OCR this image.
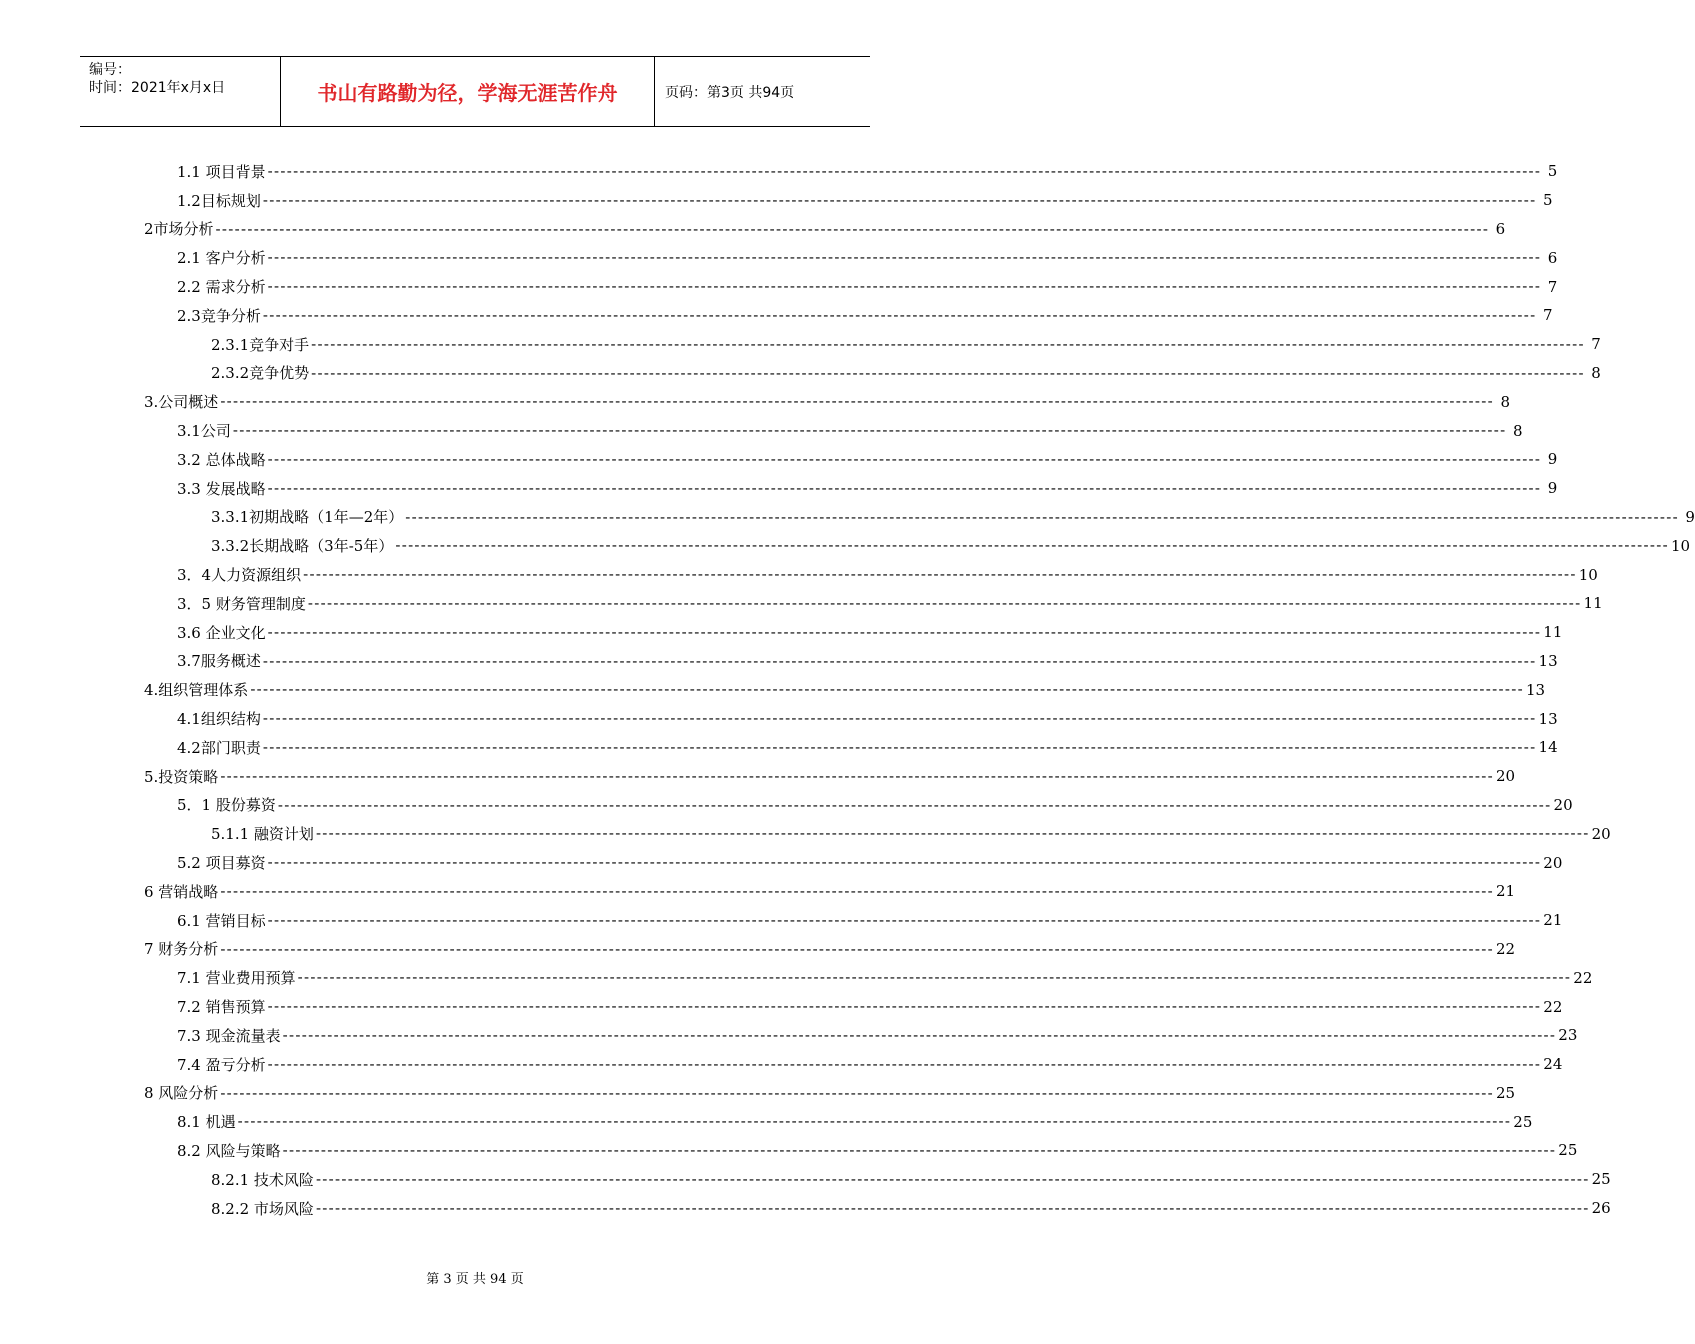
编号：
时间：2021年x月x日	书山有路勤为径，学海无涯苦作舟	页码：第3页 共94页
1.1 项目背景 -------------------------------------------------------------------------------------------------------------------------------------------------------------------------------------------------------- 5
1.2目标规划 -------------------------------------------------------------------------------------------------------------------------------------------------------------------------------------------------------- 5
2市场分析 -------------------------------------------------------------------------------------------------------------------------------------------------------------------------------------------------------- 6
2.1 客户分析 -------------------------------------------------------------------------------------------------------------------------------------------------------------------------------------------------------- 6
2.2 需求分析 -------------------------------------------------------------------------------------------------------------------------------------------------------------------------------------------------------- 7
2.3竞争分析 -------------------------------------------------------------------------------------------------------------------------------------------------------------------------------------------------------- 7
2.3.1竞争对手 -------------------------------------------------------------------------------------------------------------------------------------------------------------------------------------------------------- 7
2.3.2竞争优势 -------------------------------------------------------------------------------------------------------------------------------------------------------------------------------------------------------- 8
3.公司概述 -------------------------------------------------------------------------------------------------------------------------------------------------------------------------------------------------------- 8
3.1公司 -------------------------------------------------------------------------------------------------------------------------------------------------------------------------------------------------------- 8
3.2 总体战略 -------------------------------------------------------------------------------------------------------------------------------------------------------------------------------------------------------- 9
3.3 发展战略 -------------------------------------------------------------------------------------------------------------------------------------------------------------------------------------------------------- 9
3.3.1初期战略（1年—2年） -------------------------------------------------------------------------------------------------------------------------------------------------------------------------------------------------------- 9
3.3.2长期战略（3年-5年） -------------------------------------------------------------------------------------------------------------------------------------------------------------------------------------------------------- 10
3．4人力资源组织 -------------------------------------------------------------------------------------------------------------------------------------------------------------------------------------------------------- 10
3．5 财务管理制度 -------------------------------------------------------------------------------------------------------------------------------------------------------------------------------------------------------- 11
3.6 企业文化 -------------------------------------------------------------------------------------------------------------------------------------------------------------------------------------------------------- 11
3.7服务概述 -------------------------------------------------------------------------------------------------------------------------------------------------------------------------------------------------------- 13
4.组织管理体系 -------------------------------------------------------------------------------------------------------------------------------------------------------------------------------------------------------- 13
4.1组织结构 -------------------------------------------------------------------------------------------------------------------------------------------------------------------------------------------------------- 13
4.2部门职责 -------------------------------------------------------------------------------------------------------------------------------------------------------------------------------------------------------- 14
5.投资策略 -------------------------------------------------------------------------------------------------------------------------------------------------------------------------------------------------------- 20
5．1 股份募资 -------------------------------------------------------------------------------------------------------------------------------------------------------------------------------------------------------- 20
5.1.1 融资计划 -------------------------------------------------------------------------------------------------------------------------------------------------------------------------------------------------------- 20
5.2 项目募资 -------------------------------------------------------------------------------------------------------------------------------------------------------------------------------------------------------- 20
6 营销战略 -------------------------------------------------------------------------------------------------------------------------------------------------------------------------------------------------------- 21
6.1 营销目标 -------------------------------------------------------------------------------------------------------------------------------------------------------------------------------------------------------- 21
7 财务分析 -------------------------------------------------------------------------------------------------------------------------------------------------------------------------------------------------------- 22
7.1 营业费用预算 -------------------------------------------------------------------------------------------------------------------------------------------------------------------------------------------------------- 22
7.2 销售预算 -------------------------------------------------------------------------------------------------------------------------------------------------------------------------------------------------------- 22
7.3 现金流量表 -------------------------------------------------------------------------------------------------------------------------------------------------------------------------------------------------------- 23
7.4 盈亏分析 -------------------------------------------------------------------------------------------------------------------------------------------------------------------------------------------------------- 24
8 风险分析 -------------------------------------------------------------------------------------------------------------------------------------------------------------------------------------------------------- 25
8.1 机遇 -------------------------------------------------------------------------------------------------------------------------------------------------------------------------------------------------------- 25
8.2 风险与策略 -------------------------------------------------------------------------------------------------------------------------------------------------------------------------------------------------------- 25
8.2.1 技术风险 -------------------------------------------------------------------------------------------------------------------------------------------------------------------------------------------------------- 25
8.2.2 市场风险 -------------------------------------------------------------------------------------------------------------------------------------------------------------------------------------------------------- 26
第 3 页 共 94 页
